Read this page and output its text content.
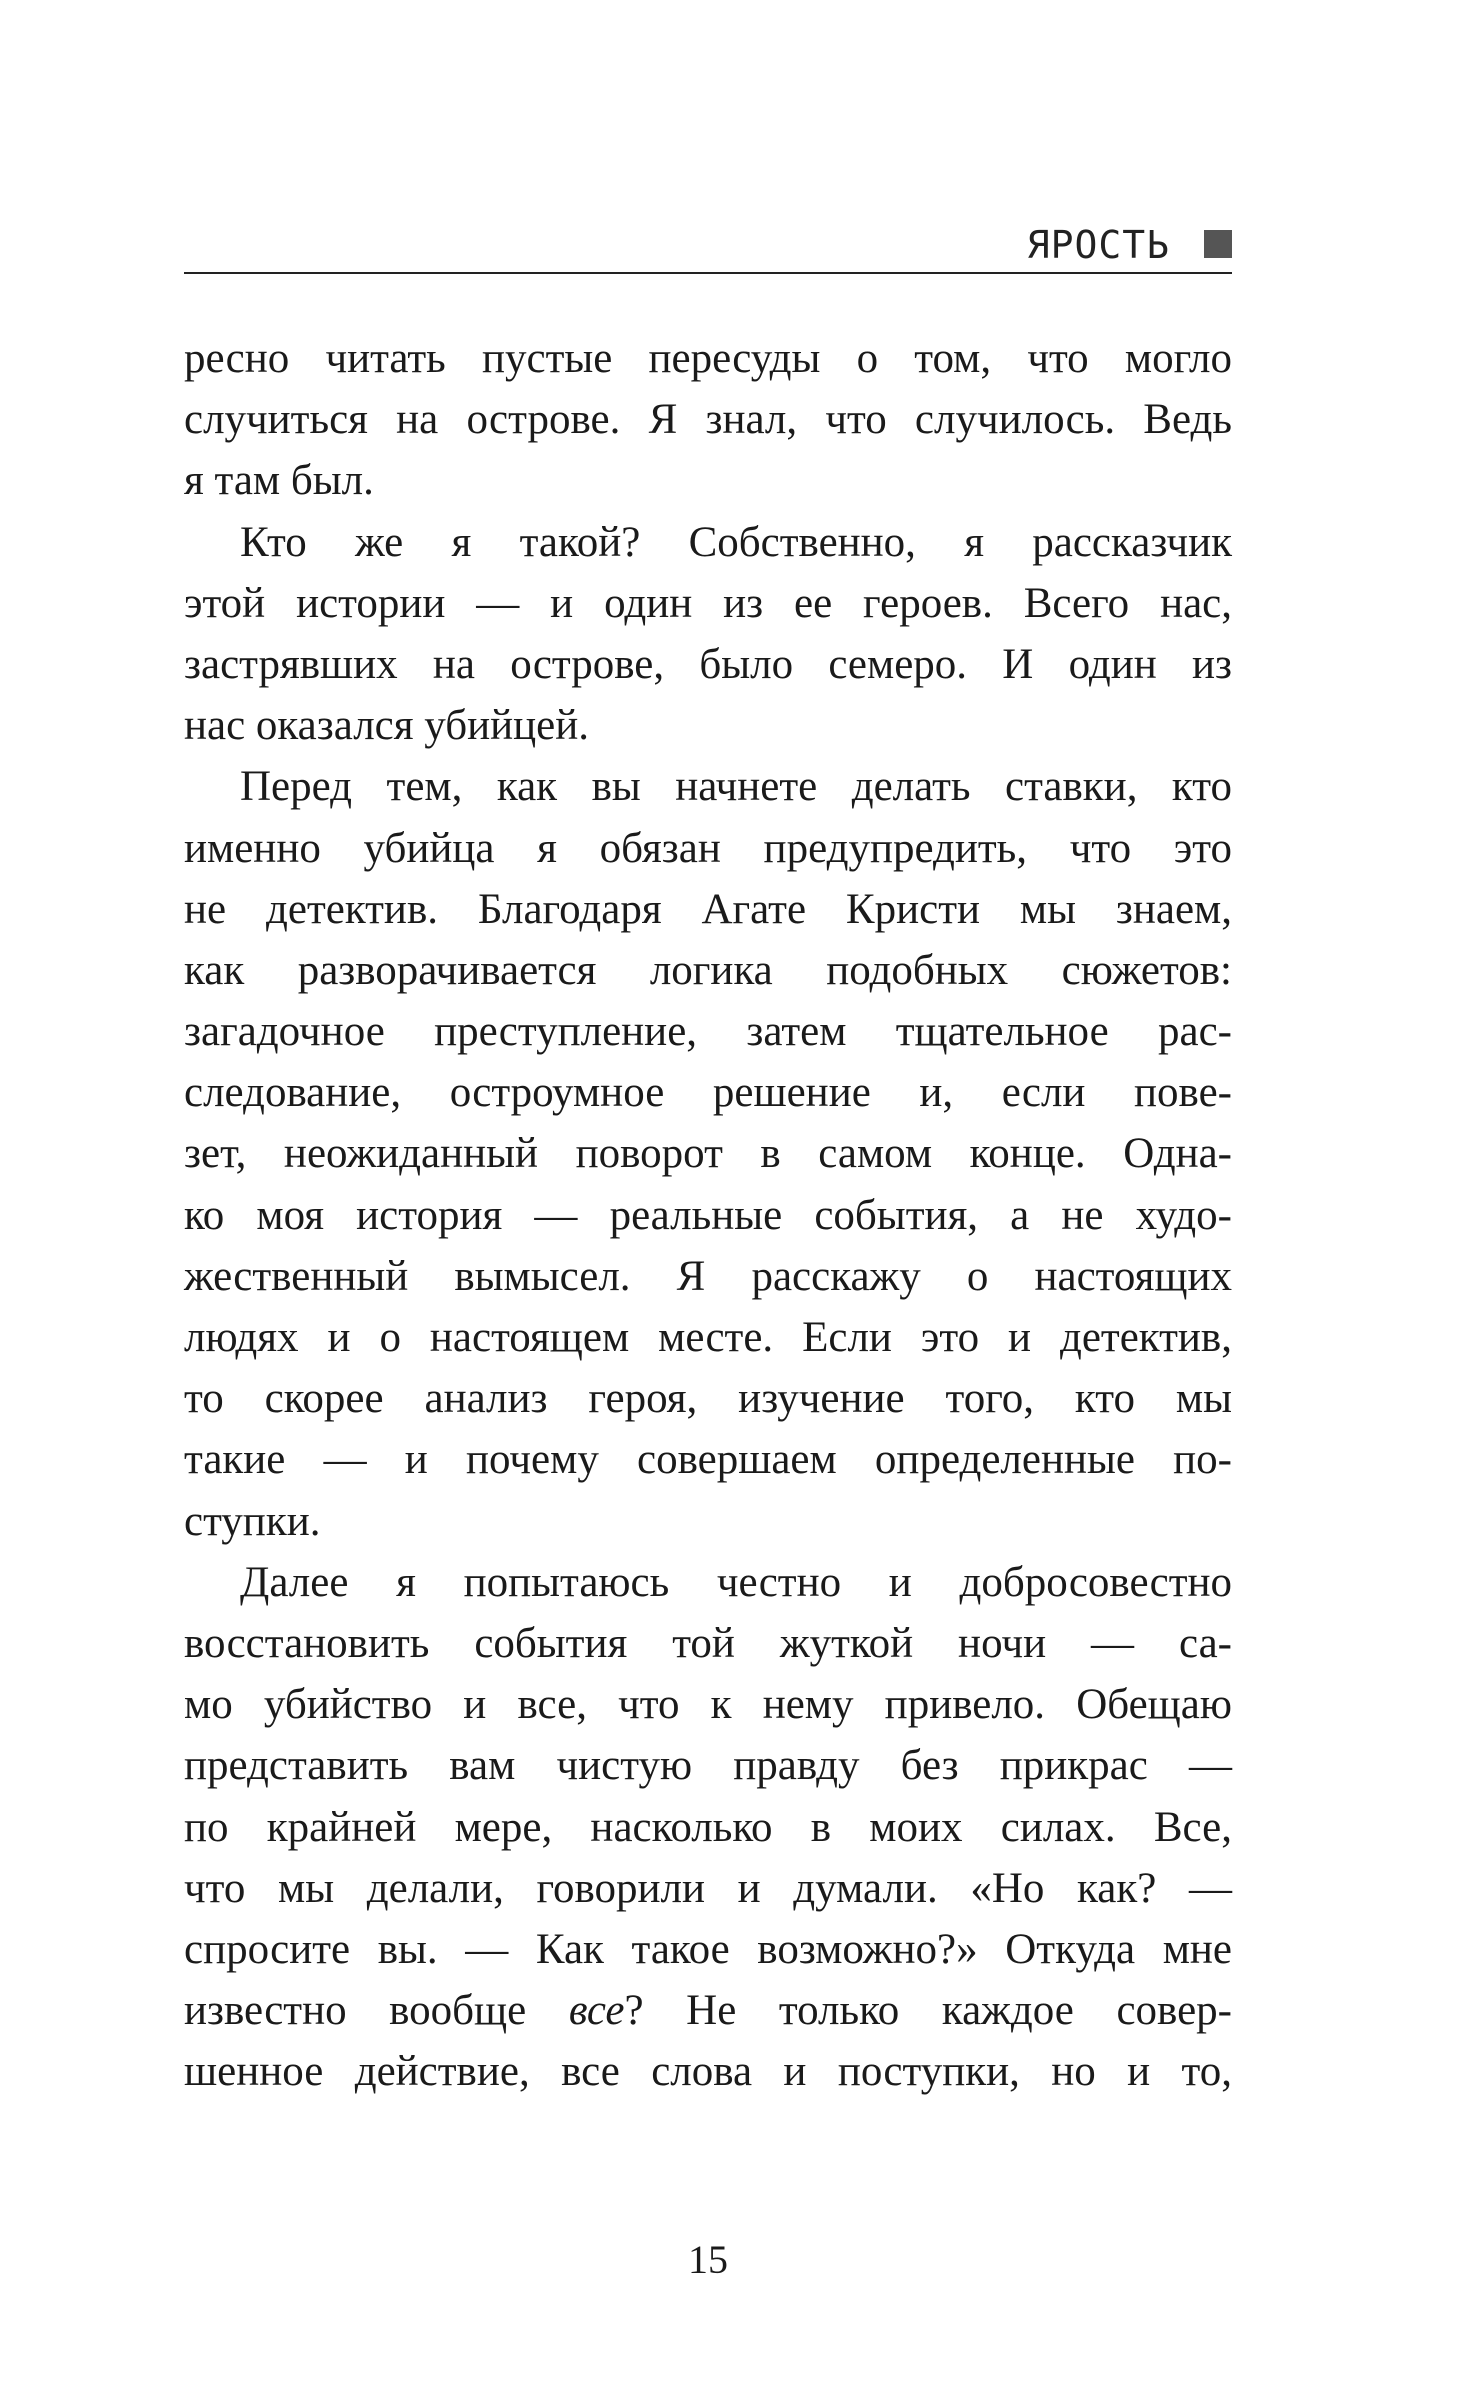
ЯРОСТЬ
ресно читать пустые пересуды о том, что могло
случиться на острове. Я знал, что случилось. Ведь
я там был.
Кто же я такой? Собственно, я рассказчик
этой истории — и один из ее героев. Всего нас,
застрявших на острове, было семеро. И один из
нас оказался убийцей.
Перед тем, как вы начнете делать ставки, кто
именно убийца я обязан предупредить, что это
не детектив. Благодаря Агате Кристи мы знаем,
как разворачивается логика подобных сюжетов:
загадочное преступление, затем тщательное рас-
следование, остроумное решение и, если пове-
зет, неожиданный поворот в самом конце. Одна-
ко моя история — реальные события, а не худо-
жественный вымысел. Я расскажу о настоящих
людях и о настоящем месте. Если это и детектив,
то скорее анализ героя, изучение того, кто мы
такие — и почему совершаем определенные по-
ступки.
Далее я попытаюсь честно и добросовестно
восстановить события той жуткой ночи — са-
мо убийство и все, что к нему привело. Обещаю
представить вам чистую правду без прикрас —
по крайней мере, насколько в моих силах. Все,
что мы делали, говорили и думали. «Но как? —
спросите вы. — Как такое возможно?» Откуда мне
известно вообще все? Не только каждое совер-
шенное действие, все слова и поступки, но и то,
15
